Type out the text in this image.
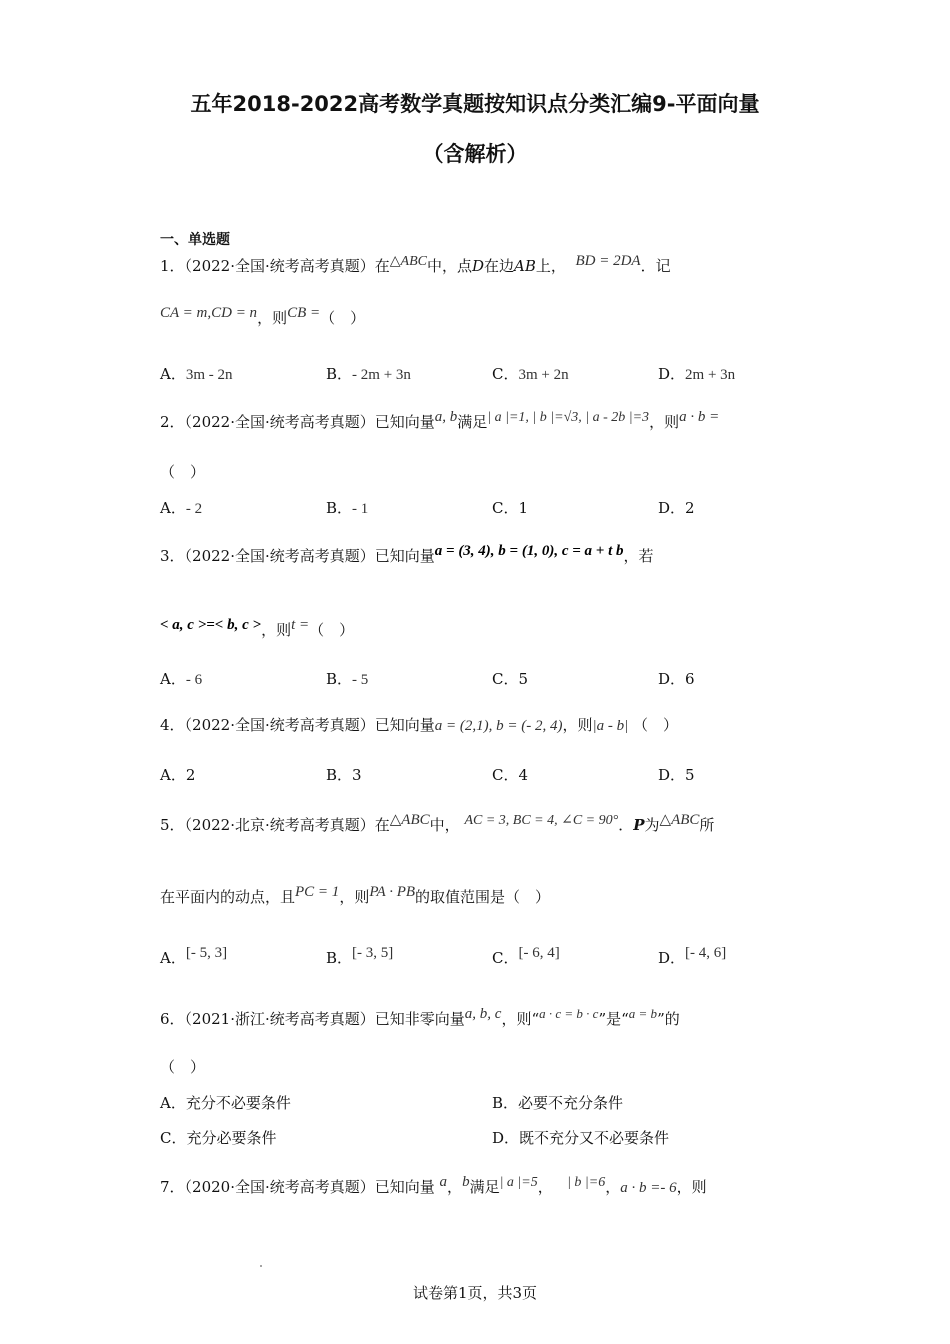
五年2018-2022高考数学真题按知识点分类汇编9-平面向量
（含解析）
一、单选题
1．（2022·全国·统考高考真题）在$^{\triangle ABC}$中，点D在边AB上， $^{BD = 2DA}$．记
$^{CA = m,CD = n}$，则$^{CB =}$（　）
A．3m - 2n	B．- 2m + 3n	C．3m + 2n	D．2m + 3n
2．（2022·全国·统考高考真题）已知向量$^{a, b}$满足$^{| a |=1, | b |=√3, | a - 2b |=3}$，则$^{a \cdot b =}$
（　）
A．- 2	B．- 1	C．1	D．2
3．（2022·全国·统考高考真题）已知向量$^{a = (3, 4), b = (1, 0), c = a + t b}$，若
$^{< a, c >=< b, c >}$，则$^{t =}$（　）
A．- 6	B．- 5	C．5	D．6
4．（2022·全国·统考高考真题）已知向量a = (2,1), b = (- 2, 4)，则|a - b| （　）
A．2	B．3	C．4	D．5
5．（2022·北京·统考高考真题）在$^{\triangle ABC}$中， $^{AC = 3, BC = 4, \angle C = 90^\circ}$．P为$^{\triangle ABC}$所
在平面内的动点，且$^{PC = 1}$，则$^{PA \cdot PB}$的取值范围是（　）
A．[- 5, 3]	B．[- 3, 5]	C．[- 6, 4]	D．[- 4, 6]
6．（2021·浙江·统考高考真题）已知非零向量$^{a, b, c}$，则“$^{a \cdot c = b \cdot c}$”是“$^{a = b}$”的
（　）
A．充分不必要条件	B．必要不充分条件
C．充分必要条件	D．既不充分又不必要条件
7．（2020·全国·统考高考真题）已知向量 $^a$，$^b$满足$^{| a |=5}$， $^{| b |=6}$，a · b =- 6，则
试卷第1页，共3页
